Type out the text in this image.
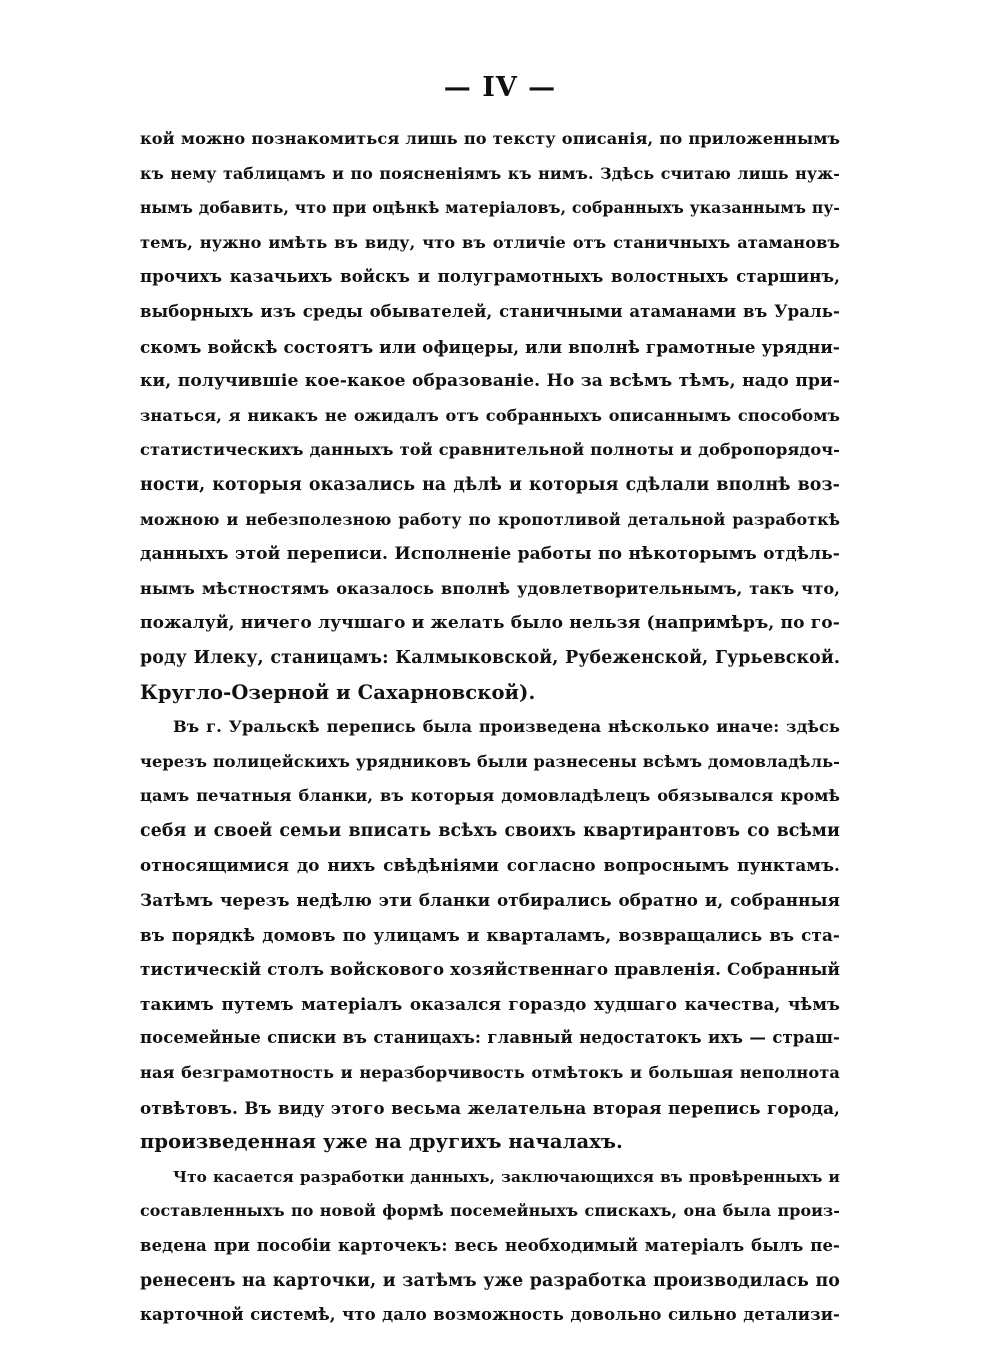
— IV —
кой можно познакомиться лишь по тексту описанія, по приложеннымъ
къ нему таблицамъ и по поясненіямъ къ нимъ. Здѣсь считаю лишь нуж-
нымъ добавить, что при оцѣнкѣ матеріаловъ, собранныхъ указаннымъ пу-
темъ, нужно имѣть въ виду, что въ отличіе отъ станичныхъ атамановъ
прочихъ казачьихъ войскъ и полуграмотныхъ волостныхъ старшинъ,
выборныхъ изъ среды обывателей, станичными атаманами въ Ураль-
скомъ войскѣ состоятъ или офицеры, или вполнѣ грамотные урядни-
ки, получившіе кое-какое образованіе. Но за всѣмъ тѣмъ, надо при-
знаться, я никакъ не ожидалъ отъ собранныхъ описаннымъ способомъ
статистическихъ данныхъ той сравнительной полноты и добропорядоч-
ности, которыя оказались на дѣлѣ и которыя сдѣлали вполнѣ воз-
можною и небезполезною работу по кропотливой детальной разработкѣ
данныхъ этой переписи. Исполненіе работы по нѣкоторымъ отдѣль-
нымъ мѣстностямъ оказалось вполнѣ удовлетворительнымъ, такъ что,
пожалуй, ничего лучшаго и желать было нельзя (напримѣръ, по го-
роду Илеку, станицамъ: Калмыковской, Рубеженской, Гурьевской.
Кругло-Озерной и Сахарновской).
Въ г. Уральскѣ перепись была произведена нѣсколько иначе: здѣсь
черезъ полицейскихъ урядниковъ были разнесены всѣмъ домовладѣль-
цамъ печатныя бланки, въ которыя домовладѣлецъ обязывался кромѣ
себя и своей семьи вписать всѣхъ своихъ квартирантовъ со всѣми
относящимися до нихъ свѣдѣніями согласно вопроснымъ пунктамъ.
Затѣмъ черезъ недѣлю эти бланки отбирались обратно и, собранныя
въ порядкѣ домовъ по улицамъ и кварталамъ, возвращались въ ста-
тистическій столъ войскового хозяйственнаго правленія. Собранный
такимъ путемъ матеріалъ оказался гораздо худшаго качества, чѣмъ
посемейные списки въ станицахъ: главный недостатокъ ихъ — страш-
ная безграмотность и неразборчивость отмѣтокъ и большая неполнота
отвѣтовъ. Въ виду этого весьма желательна вторая перепись города,
произведенная уже на другихъ началахъ.
Что касается разработки данныхъ, заключающихся въ провѣренныхъ и
составленныхъ по новой формѣ посемейныхъ спискахъ, она была произ-
ведена при пособіи карточекъ: весь необходимый матеріалъ былъ пе-
ренесенъ на карточки, и затѣмъ уже разработка производилась по
карточной системѣ, что дало возможность довольно сильно детализи-
